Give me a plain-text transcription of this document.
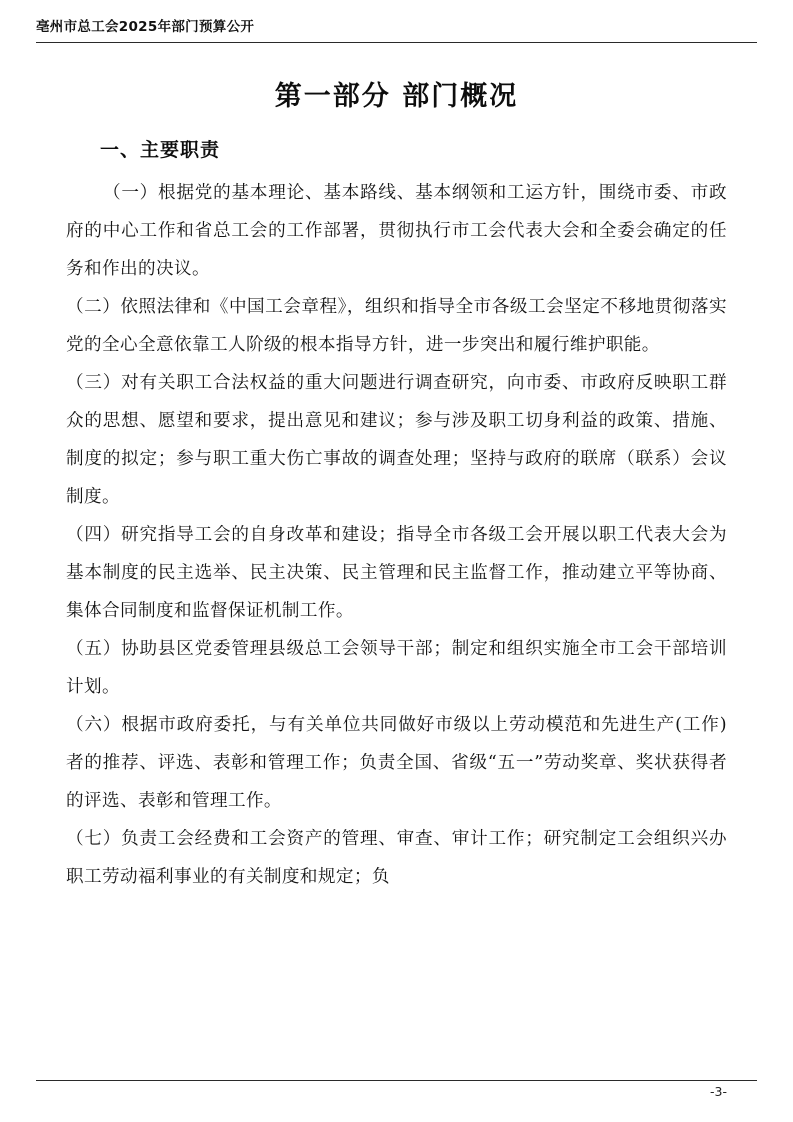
亳州市总工会2025年部门预算公开
第一部分 部门概况
一、主要职责

（一）根据党的基本理论、基本路线、基本纲领和工运方针，围绕市委、市政府的中心工作和省总工会的工作部署，贯彻执行市工会代表大会和全委会确定的任务和作出的决议。

（二）依照法律和《中国工会章程》，组织和指导全市各级工会坚定不移地贯彻落实党的全心全意依靠工人阶级的根本指导方针，进一步突出和履行维护职能。

（三）对有关职工合法权益的重大问题进行调查研究，向市委、市政府反映职工群众的思想、愿望和要求，提出意见和建议；参与涉及职工切身利益的政策、措施、制度的拟定；参与职工重大伤亡事故的调查处理；坚持与政府的联席（联系）会议制度。

（四）研究指导工会的自身改革和建设；指导全市各级工会开展以职工代表大会为基本制度的民主选举、民主决策、民主管理和民主监督工作，推动建立平等协商、集体合同制度和监督保证机制工作。

（五）协助县区党委管理县级总工会领导干部；制定和组织实施全市工会干部培训计划。

（六）根据市政府委托，与有关单位共同做好市级以上劳动模范和先进生产(工作)者的推荐、评选、表彰和管理工作；负责全国、省级“五一”劳动奖章、奖状获得者的评选、表彰和管理工作。

（七）负责工会经费和工会资产的管理、审查、审计工作；研究制定工会组织兴办职工劳动福利事业的有关制度和规定；负

-3-
